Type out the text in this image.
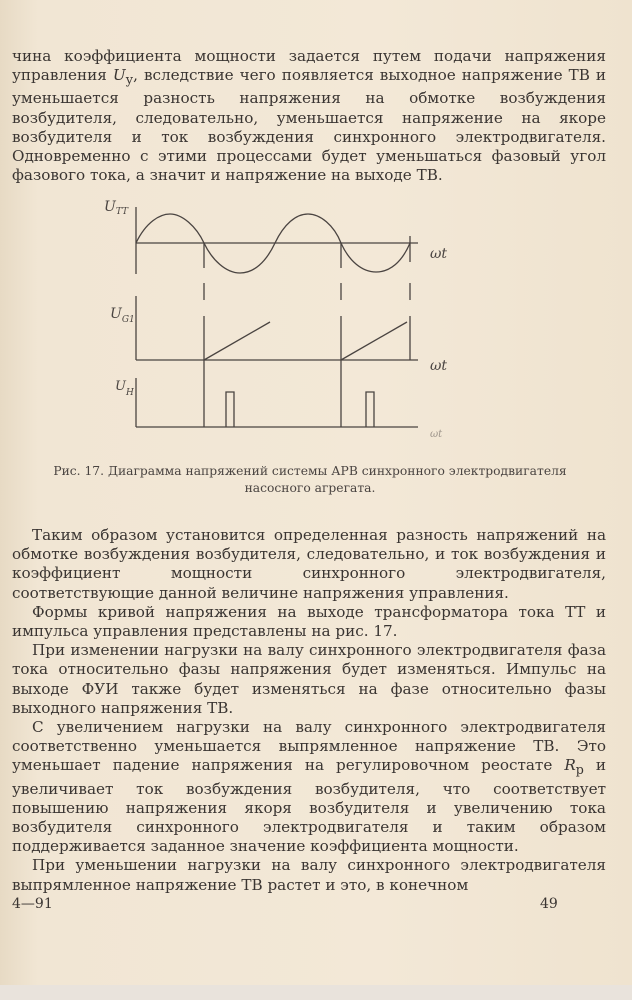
чина коэффициента мощности задается путем подачи напряжения управления $U_у$, вследствие чего появляется выходное напряжение ТВ и уменьшается разность напряжения на обмотке возбуждения возбудителя, следовательно, уменьшается напряжение на якоре возбудителя и ток возбуждения синхронного электродвигателя. Одновременно с этими процессами будет уменьшаться фазовый угол фазового тока, а значит и напряжение на выходе ТВ.

$U_{TT}$
$U_{G1}$
$U_H$
ωt
ωt
ωt
Рис. 17. Диаграмма напряжений системы АРВ синхронного электродвигателя насосного агрегата.

Таким образом установится определенная разность напряжений на обмотке возбуждения возбудителя, следовательно, и ток возбуждения и коэффициент мощности синхронного электродвигателя, соответствующие данной величине напряжения управления.

Формы кривой напряжения на выходе трансформатора тока ТТ и импульса управления представлены на рис. 17.

При изменении нагрузки на валу синхронного электродвигателя фаза тока относительно фазы напряжения будет изменяться. Импульс на выходе ФУИ также будет изменяться на фазе относительно фазы выходного напряжения ТВ.

С увеличением нагрузки на валу синхронного электродвигателя соответственно уменьшается выпрямленное напряжение ТВ. Это уменьшает падение напряжения на регулировочном реостате $R_р$ и увеличивает ток возбуждения возбудителя, что соответствует повышению напряжения якоря возбудителя и увеличению тока возбудителя синхронного электродвигателя и таким образом поддерживается заданное значение коэффициента мощности.

При уменьшении нагрузки на валу синхронного электродвигателя выпрямленное напряжение ТВ растет и это, в конечном

4—91	49
